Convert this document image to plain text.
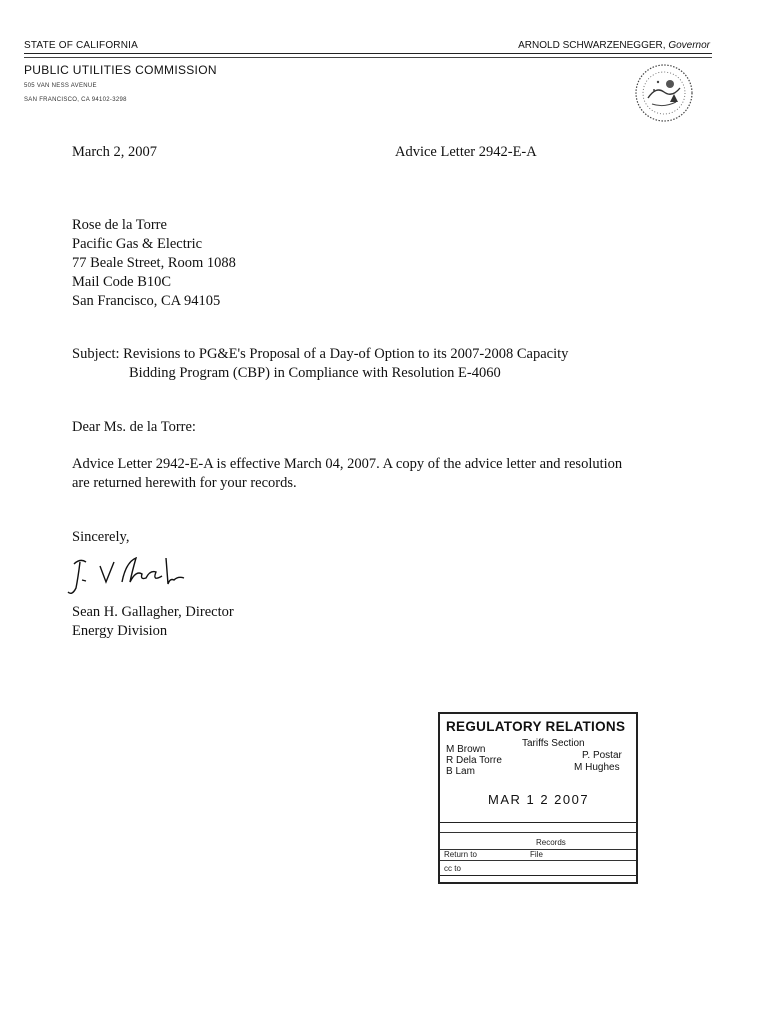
STATE OF CALIFORNIA	ARNOLD SCHWARZENEGGER, Governor
PUBLIC UTILITIES COMMISSION
505 VAN NESS AVENUE
SAN FRANCISCO, CA 94102-3298
March 2, 2007	Advice Letter 2942-E-A
Rose de la Torre
Pacific Gas & Electric
77 Beale Street, Room 1088
Mail Code B10C
San Francisco, CA 94105
Subject: Revisions to PG&E's Proposal of a Day-of Option to its 2007-2008 Capacity
Bidding Program (CBP) in Compliance with Resolution E-4060
Dear Ms. de la Torre:
Advice Letter 2942-E-A is effective March 04, 2007. A copy of the advice letter and resolution
are returned herewith for your records.
Sincerely,
Sean H. Gallagher, Director
Energy Division
REGULATORY RELATIONS
Tariffs Section
M Brown
R Dela Torre
B Lam
P. Postar
M Hughes
MAR 1 2 2007
Records
Return to	File
cc to
